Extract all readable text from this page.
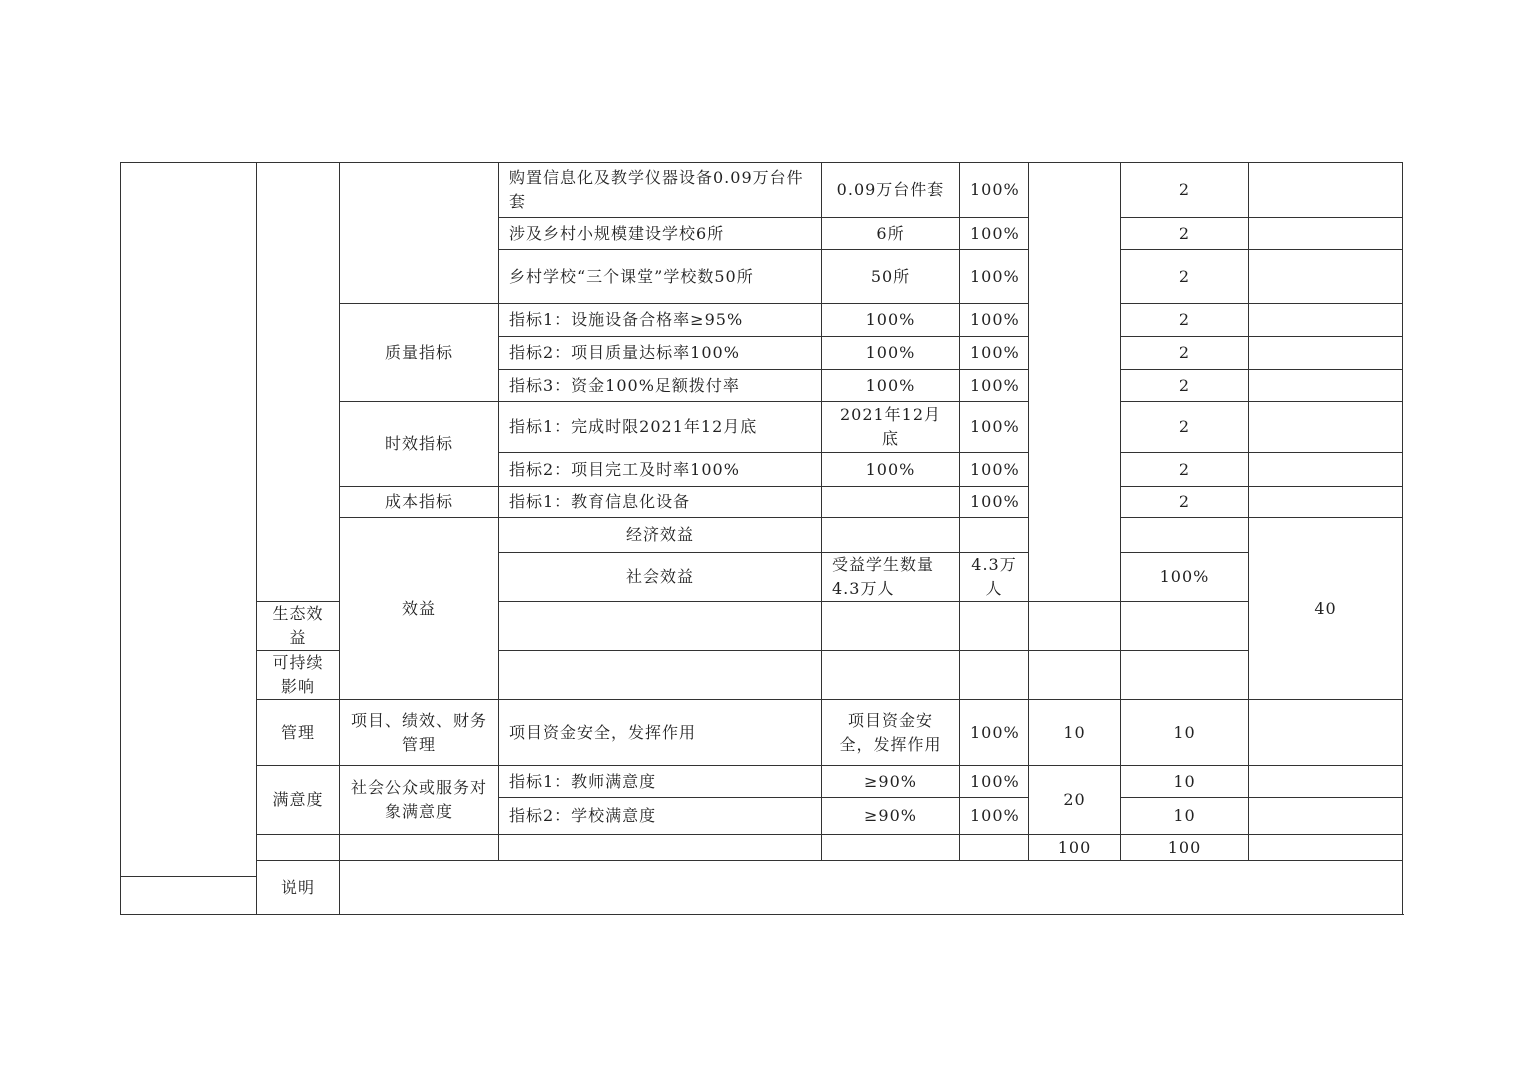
			购置信息化及教学仪器设备0.09万台件套	0.09万台件套	100%		2		
			涉及乡村小规模建设学校6所	6所	100%		2		
			乡村学校“三个课堂”学校数50所	50所	100%		2		
		质量指标	指标1：设施设备合格率≥95%	100%	100%		2		
			指标2：项目质量达标率100%	100%	100%		2		
			指标3：资金100%足额拨付率	100%	100%		2		
		时效指标	指标1：完成时限2021年12月底	2021年12月底	100%		2		
			指标2：项目完工及时率100%	100%	100%		2		
		成本指标	指标1：教育信息化设备		100%		2		
		效益	经济效益					40		
			社会效益	受益学生数量4.3万人	4.3万人		100%		
	生态效益								
	可持续影响								
	管理	项目、绩效、财务管理	项目资金安全，发挥作用	项目资金安全，发挥作用	100%	10	10		
	满意度	社会公众或服务对象满意度	指标1：教师满意度	≥90%	100%	20	10		
			指标2：学校满意度	≥90%	100%		10		
						100	100		
	说明								
